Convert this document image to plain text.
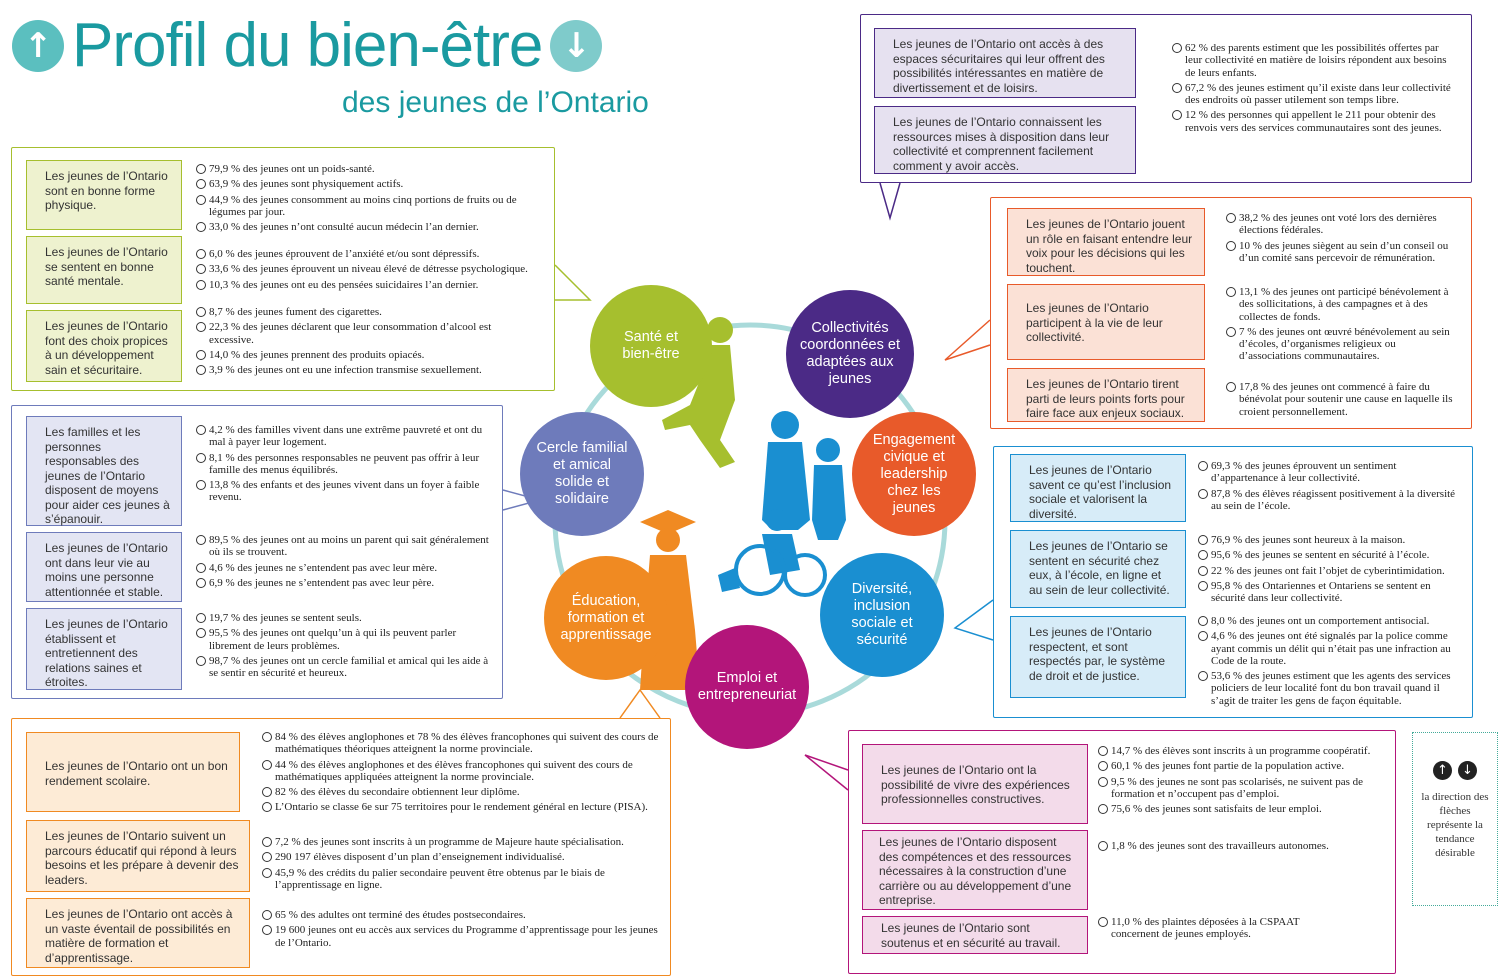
↑ Profil du bien-être ↓
des jeunes de l’Ontario
Les jeunes de l’Ontario sont en bonne forme physique.
79,9 % des jeunes ont un poids-santé.
63,9 % des jeunes sont physiquement actifs.
44,9 % des jeunes consomment au moins cinq portions de fruits ou de légumes par jour.
33,0 % des jeunes n’ont consulté aucun médecin l’an dernier.
Les jeunes de l’Ontario se sentent en bonne santé mentale.
6,0 % des jeunes éprouvent de l’anxiété et/ou sont dépressifs.
33,6 % des jeunes éprouvent un niveau élevé de détresse psychologique.
10,3 % des jeunes ont eu des pensées suicidaires l’an dernier.
Les jeunes de l’Ontario font des choix propices à un développement sain et sécuritaire.
8,7 % des jeunes fument des cigarettes.
22,3 % des jeunes déclarent que leur consommation d’alcool est excessive.
14,0 % des jeunes prennent des produits opiacés.
3,9 % des jeunes ont eu une infection transmise sexuellement.
Les familles et les personnes responsables des jeunes de l’Ontario disposent de moyens pour aider ces jeunes à s’épanouir.
4,2 % des familles vivent dans une extrême pauvreté et ont du mal à payer leur logement.
8,1 % des personnes responsables ne peuvent pas offrir à leur famille des menus équilibrés.
13,8 % des enfants et des jeunes vivent dans un foyer à faible revenu.
Les jeunes de l’Ontario ont dans leur vie au moins une personne attentionnée et stable.
89,5 % des jeunes ont au moins un parent qui sait généralement où ils se trouvent.
4,6 % des jeunes ne s’entendent pas avec leur mère.
6,9 % des jeunes ne s’entendent pas avec leur père.
Les jeunes de l’Ontario établissent et entretiennent des relations saines et étroites.
19,7 % des jeunes se sentent seuls.
95,5 % des jeunes ont quelqu’un à qui ils peuvent parler librement de leurs problèmes.
98,7 % des jeunes ont un cercle familial et amical qui les aide à se sentir en sécurité et heureux.
Les jeunes de l’Ontario ont un bon rendement scolaire.
84 % des élèves anglophones et 78 % des élèves francophones qui suivent des cours de mathématiques théoriques atteignent la norme provinciale.
44 % des élèves anglophones et des élèves francophones qui suivent des cours de mathématiques appliquées atteignent la norme provinciale.
82 % des élèves du secondaire obtiennent leur diplôme.
L’Ontario se classe 6e sur 75 territoires pour le rendement général en lecture (PISA).
Les jeunes de l’Ontario suivent un parcours éducatif qui répond à leurs besoins et les prépare à devenir des leaders.
7,2 % des jeunes sont inscrits à un programme de Majeure haute spécialisation.
290 197 élèves disposent d’un plan d’enseignement individualisé.
45,9 % des crédits du palier secondaire peuvent être obtenus par le biais de l’apprentissage en ligne.
Les jeunes de l’Ontario ont accès à un vaste éventail de possibilités en matière de formation et d’apprentissage.
65 % des adultes ont terminé des études postsecondaires.
19 600 jeunes ont eu accès aux services du Programme d’apprentissage pour les jeunes de l’Ontario.
Les jeunes de l’Ontario ont accès à des espaces sécuritaires qui leur offrent des possibilités intéressantes en matière de divertissement et de loisirs.
Les jeunes de l’Ontario connaissent les ressources mises à disposition dans leur collectivité et comprennent facilement comment y avoir accès.
62 % des parents estiment que les possibilités offertes par leur collectivité en matière de loisirs répondent aux besoins de leurs enfants.
67,2 % des jeunes estiment qu’il existe dans leur collectivité des endroits où passer utilement son temps libre.
12 % des personnes qui appellent le 211 pour obtenir des renvois vers des services communautaires sont des jeunes.
Les jeunes de l’Ontario jouent un rôle en faisant entendre leur voix pour les décisions qui les touchent.
38,2 % des jeunes ont voté lors des dernières élections fédérales.
10 % des jeunes siègent au sein d’un conseil ou d’un comité sans percevoir de rémunération.
Les jeunes de l’Ontario participent à la vie de leur collectivité.
13,1 % des jeunes ont participé bénévolement à des sollicitations, à des campagnes et à des collectes de fonds.
7 % des jeunes ont œuvré bénévolement au sein d’écoles, d’organismes religieux ou d’associations communautaires.
Les jeunes de l’Ontario tirent parti de leurs points forts pour faire face aux enjeux sociaux.
17,8 % des jeunes ont commencé à faire du bénévolat pour soutenir une cause en laquelle ils croient personnellement.
Les jeunes de l’Ontario savent ce qu’est l’inclusion sociale et valorisent la diversité.
69,3 % des jeunes éprouvent un sentiment d’appartenance à leur collectivité.
87,8 % des élèves réagissent positivement à la diversité au sein de l’école.
Les jeunes de l’Ontario se sentent en sécurité chez eux, à l’école, en ligne et au sein de leur collectivité.
76,9 % des jeunes sont heureux à la maison.
95,6 % des jeunes se sentent en sécurité à l’école.
22 % des jeunes ont fait l’objet de cyberintimidation.
95,8 % des Ontariennes et Ontariens se sentent en sécurité dans leur collectivité.
Les jeunes de l’Ontario respectent, et sont respectés par, le système de droit et de justice.
8,0 % des jeunes ont un comportement antisocial.
4,6 % des jeunes ont été signalés par la police comme ayant commis un délit qui n’était pas une infraction au Code de la route.
53,6 % des jeunes estiment que les agents des services policiers de leur localité font du bon travail quand il s’agit de traiter les gens de façon équitable.
Les jeunes de l’Ontario ont la possibilité de vivre des expériences professionnelles constructives.
14,7 % des élèves sont inscrits à un programme coopératif.
60,1 % des jeunes font partie de la population active.
9,5 % des jeunes ne sont pas scolarisés, ne suivent pas de formation et n’occupent pas d’emploi.
75,6 % des jeunes sont satisfaits de leur emploi.
Les jeunes de l’Ontario disposent des compétences et des ressources nécessaires à la construction d’une carrière ou au développement d’une entreprise.
1,8 % des jeunes sont des travailleurs autonomes.
Les jeunes de l’Ontario sont soutenus et en sécurité au travail.
11,0 % des plaintes déposées à la CSPAAT concernent de jeunes employés.
Santé et bien-être
Collectivités coordonnées et adaptées aux jeunes
Engagement civique et leadership chez les jeunes
Diversité, inclusion sociale et sécurité
Emploi et entrepreneuriat
Éducation, formation et apprentissage
Cercle familial et amical solide et solidaire
↑ ↓
la direction des flèches représente la tendance désirable
